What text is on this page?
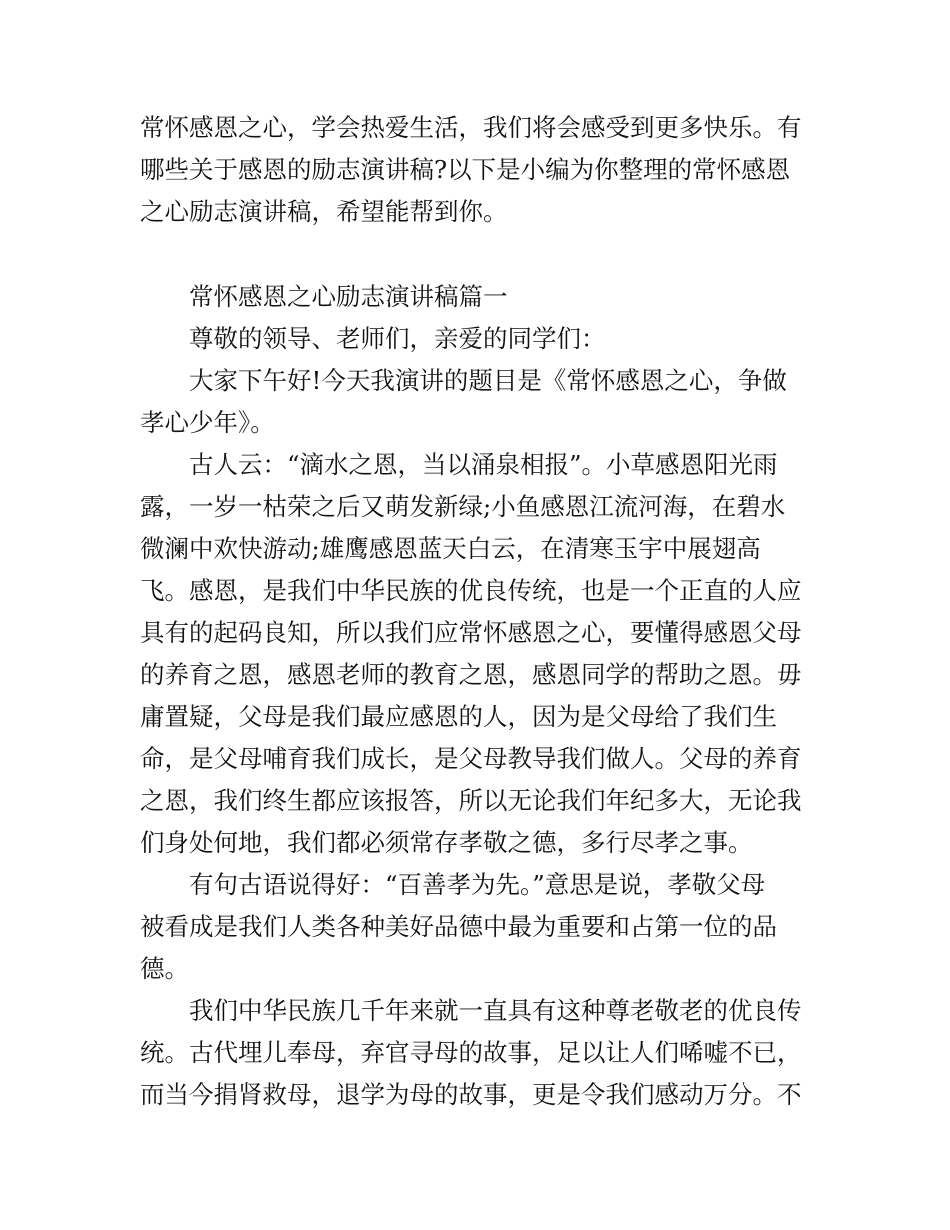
常怀感恩之心，学会热爱生活，我们将会感受到更多快乐。有
哪些关于感恩的励志演讲稿?以下是小编为你整理的常怀感恩
之心励志演讲稿，希望能帮到你。
常怀感恩之心励志演讲稿篇一
尊敬的领导、老师们，亲爱的同学们：
大家下午好!今天我演讲的题目是《常怀感恩之心，争做
孝心少年》。
古人云：“滴水之恩，当以涌泉相报”。小草感恩阳光雨
露，一岁一枯荣之后又萌发新绿;小鱼感恩江流河海，在碧水
微澜中欢快游动;雄鹰感恩蓝天白云，在清寒玉宇中展翅高
飞。感恩，是我们中华民族的优良传统，也是一个正直的人应
具有的起码良知，所以我们应常怀感恩之心，要懂得感恩父母
的养育之恩，感恩老师的教育之恩，感恩同学的帮助之恩。毋
庸置疑，父母是我们最应感恩的人，因为是父母给了我们生
命，是父母哺育我们成长，是父母教导我们做人。父母的养育
之恩，我们终生都应该报答，所以无论我们年纪多大，无论我
们身处何地，我们都必须常存孝敬之德，多行尽孝之事。
有句古语说得好：“百善孝为先。”意思是说，孝敬父母
被看成是我们人类各种美好品德中最为重要和占第一位的品
德。
我们中华民族几千年来就一直具有这种尊老敬老的优良传
统。古代埋儿奉母，弃官寻母的故事，足以让人们唏嘘不已，
而当今捐肾救母，退学为母的故事，更是令我们感动万分。不
